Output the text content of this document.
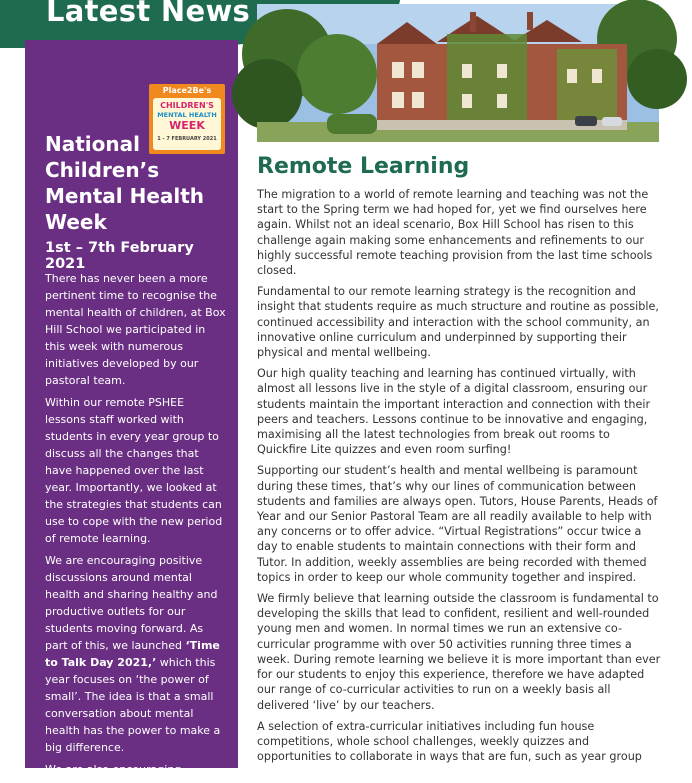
Latest News
Place2Be's
CHILDREN'S
MENTAL HEALTH
WEEK
1 - 7 FEBRUARY 2021
National Children’s Mental Health Week
1st – 7th February 2021

There has never been a more pertinent time to recognise the mental health of children, at Box Hill School we participated in this week with numerous initiatives developed by our pastoral team.

Within our remote PSHEE lessons staff worked with students in every year group to discuss all the changes that have happened over the last year. Importantly, we looked at the strategies that students can use to cope with the new period of remote learning.

We are encouraging positive discussions around mental health and sharing healthy and productive outlets for our students moving forward. As part of this, we launched ‘Time to Talk Day 2021,’ which this year focuses on ‘the power of small’. The idea is that a small conversation about mental health has the power to make a big difference.

We are also encouraging

Remote Learning

The migration to a world of remote learning and teaching was not the start to the Spring term we had hoped for, yet we find ourselves here again. Whilst not an ideal scenario, Box Hill School has risen to this challenge again making some enhancements and refinements to our highly successful remote teaching provision from the last time schools closed.

Fundamental to our remote learning strategy is the recognition and insight that students require as much structure and routine as possible, continued accessibility and interaction with the school community, an innovative online curriculum and underpinned by supporting their physical and mental wellbeing.

Our high quality teaching and learning has continued virtually, with almost all lessons live in the style of a digital classroom, ensuring our students maintain the important interaction and connection with their peers and teachers. Lessons continue to be innovative and engaging, maximising all the latest technologies from break out rooms to Quickfire Lite quizzes and even room surfing!

Supporting our student’s health and mental wellbeing is paramount during these times, that’s why our lines of communication between students and families are always open. Tutors, House Parents, Heads of Year and our Senior Pastoral Team are all readily available to help with any concerns or to offer advice. “Virtual Registrations” occur twice a day to enable students to maintain connections with their form and Tutor. In addition, weekly assemblies are being recorded with themed topics in order to keep our whole community together and inspired.

We firmly believe that learning outside the classroom is fundamental to developing the skills that lead to confident, resilient and well-rounded young men and women. In normal times we run an extensive co-curricular programme with over 50 activities running three times a week. During remote learning we believe it is more important than ever for our students to enjoy this experience, therefore we have adapted our range of co-curricular activities to run on a weekly basis all delivered ‘live’ by our teachers.

A selection of extra-curricular initiatives including fun house competitions, whole school challenges, weekly quizzes and opportunities to collaborate in ways that are fun, such as year group
